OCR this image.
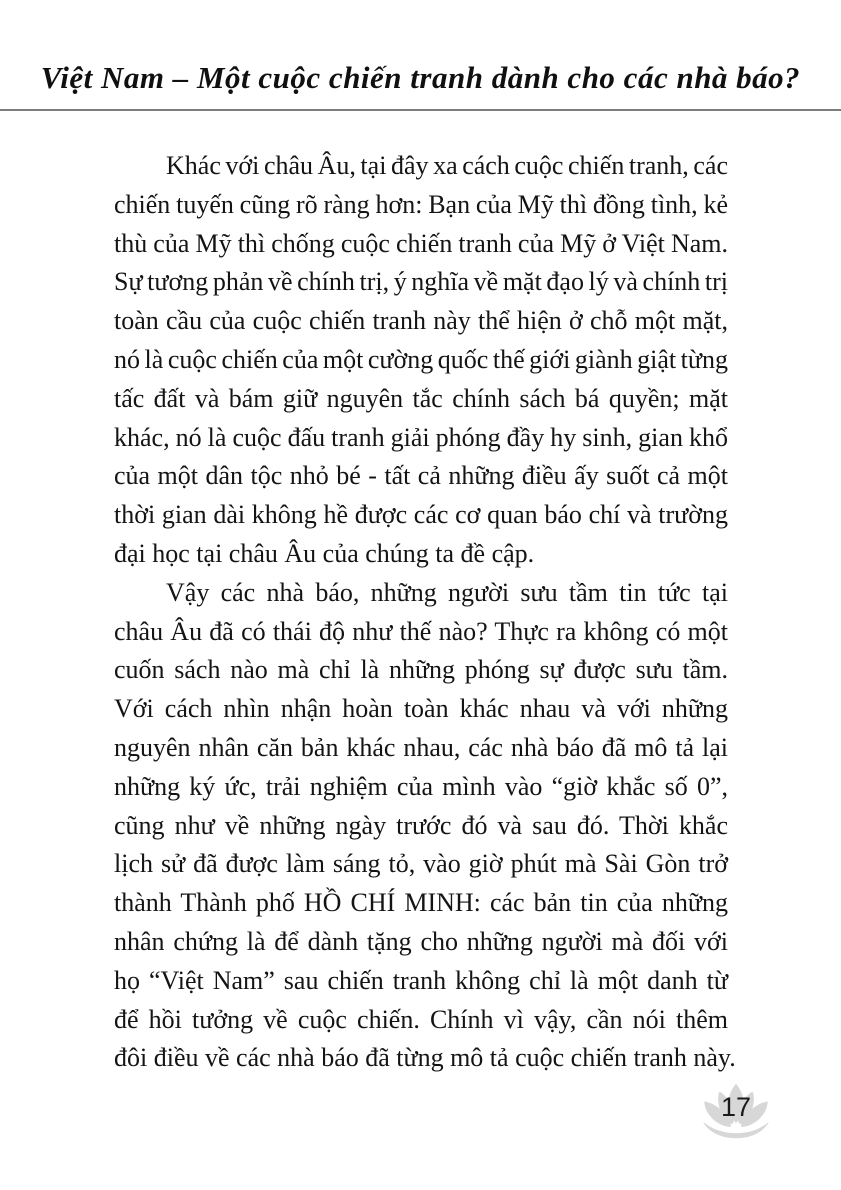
Việt Nam – Một cuộc chiến tranh dành cho các nhà báo?
Khác với châu Âu, tại đây xa cách cuộc chiến tranh, các
chiến tuyến cũng rõ ràng hơn: Bạn của Mỹ thì đồng tình, kẻ
thù của Mỹ thì chống cuộc chiến tranh của Mỹ ở Việt Nam.
Sự tương phản về chính trị, ý nghĩa về mặt đạo lý và chính trị
toàn cầu của cuộc chiến tranh này thể hiện ở chỗ một mặt,
nó là cuộc chiến của một cường quốc thế giới giành giật từng
tấc đất và bám giữ nguyên tắc chính sách bá quyền; mặt
khác, nó là cuộc đấu tranh giải phóng đầy hy sinh, gian khổ
của một dân tộc nhỏ bé - tất cả những điều ấy suốt cả một
thời gian dài không hề được các cơ quan báo chí và trường
đại học tại châu Âu của chúng ta đề cập.
Vậy các nhà báo, những người sưu tầm tin tức tại
châu Âu đã có thái độ như thế nào? Thực ra không có một
cuốn sách nào mà chỉ là những phóng sự được sưu tầm.
Với cách nhìn nhận hoàn toàn khác nhau và với những
nguyên nhân căn bản khác nhau, các nhà báo đã mô tả lại
những ký ức, trải nghiệm của mình vào “giờ khắc số 0”,
cũng như về những ngày trước đó và sau đó. Thời khắc
lịch sử đã được làm sáng tỏ, vào giờ phút mà Sài Gòn trở
thành Thành phố HỒ CHÍ MINH: các bản tin của những
nhân chứng là để dành tặng cho những người mà đối với
họ “Việt Nam” sau chiến tranh không chỉ là một danh từ
để hồi tưởng về cuộc chiến. Chính vì vậy, cần nói thêm
đôi điều về các nhà báo đã từng mô tả cuộc chiến tranh này.
17
